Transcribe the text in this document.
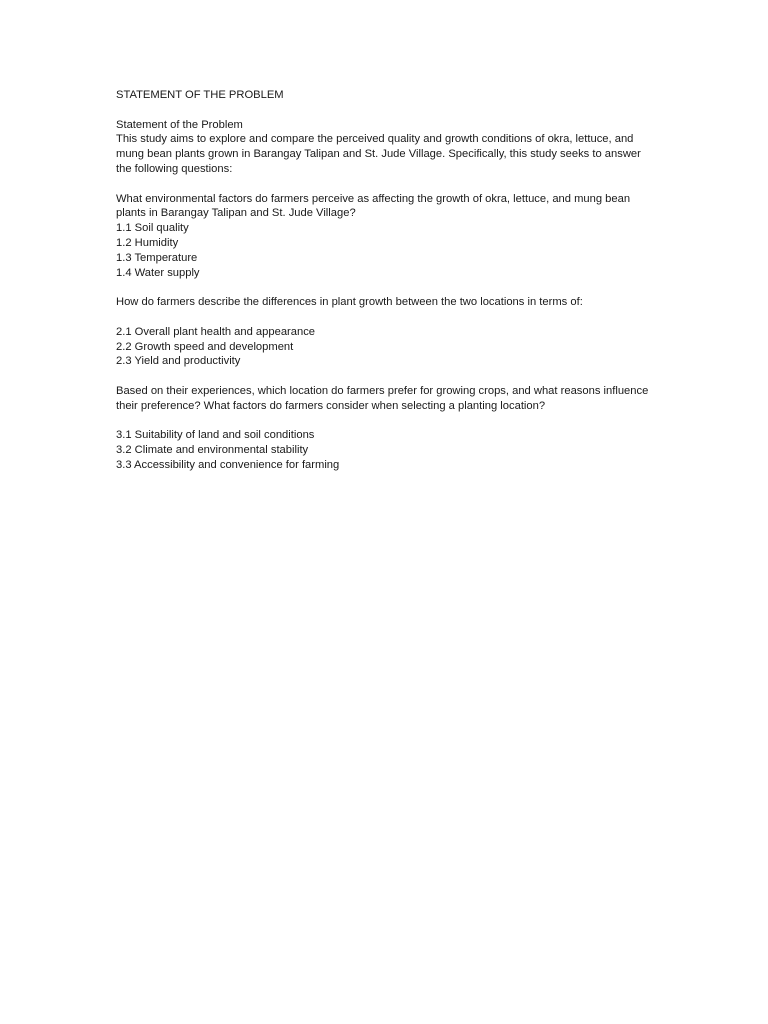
STATEMENT OF THE PROBLEM

Statement of the Problem

This study aims to explore and compare the perceived quality and growth conditions of okra, lettuce, and mung bean plants grown in Barangay Talipan and St. Jude Village. Specifically, this study seeks to answer the following questions:

What environmental factors do farmers perceive as affecting the growth of okra, lettuce, and mung bean plants in Barangay Talipan and St. Jude Village?

1.1 Soil quality

1.2 Humidity

1.3 Temperature

1.4 Water supply

How do farmers describe the differences in plant growth between the two locations in terms of:

2.1 Overall plant health and appearance

2.2 Growth speed and development

2.3 Yield and productivity

Based on their experiences, which location do farmers prefer for growing crops, and what reasons influence their preference? What factors do farmers consider when selecting a planting location?

3.1 Suitability of land and soil conditions

3.2 Climate and environmental stability

3.3 Accessibility and convenience for farming
